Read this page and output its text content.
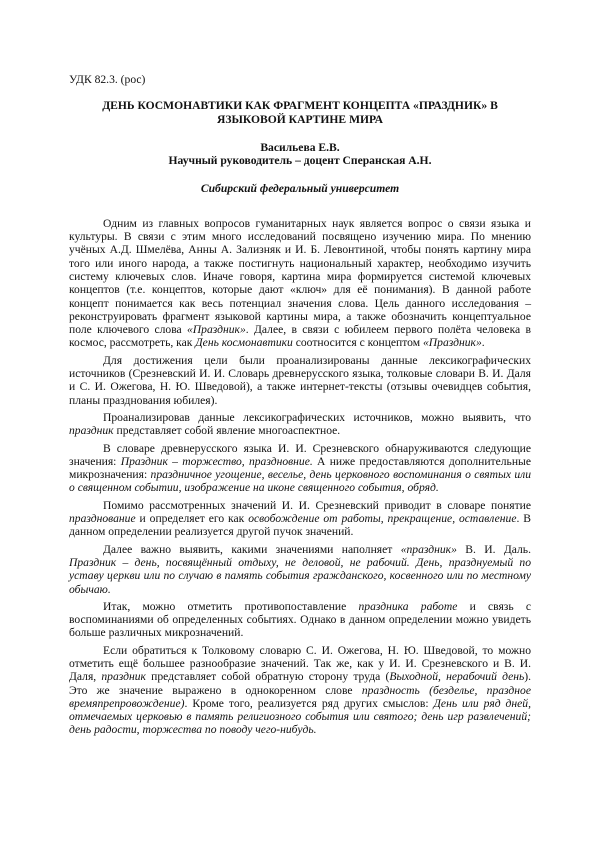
УДК 82.3. (рос)

ДЕНЬ КОСМОНАВТИКИ КАК ФРАГМЕНТ КОНЦЕПТА «ПРАЗДНИК» В ЯЗЫКОВОЙ КАРТИНЕ МИРА

Васильева Е.В.

Научный руководитель – доцент Сперанская А.Н.

Сибирский федеральный университет

Одним из главных вопросов гуманитарных наук является вопрос о связи языка и культуры. В связи с этим много исследований посвящено изучению мира. По мнению учёных А.Д. Шмелёва, Анны А. Зализняк и И. Б. Левонтиной, чтобы понять картину мира того или иного народа, а также постигнуть национальный характер, необходимо изучить систему ключевых слов. Иначе говоря, картина мира формируется системой ключевых концептов (т.е. концептов, которые дают «ключ» для её понимания). В данной работе концепт понимается как весь потенциал значения слова. Цель данного исследования – реконструировать фрагмент языковой картины мира, а также обозначить концептуальное поле ключевого слова «Праздник». Далее, в связи с юбилеем первого полёта человека в космос, рассмотреть, как День космонавтики соотносится с концептом «Праздник».

Для достижения цели были проанализированы данные лексикографических источников (Срезневский И. И. Словарь древнерусского языка, толковые словари В. И. Даля и С. И. Ожегова, Н. Ю. Шведовой), а также интернет-тексты (отзывы очевидцев события, планы празднования юбилея).

Проанализировав данные лексикографических источников, можно выявить, что праздник представляет собой явление многоаспектное.

В словаре древнерусского языка И. И. Срезневского обнаруживаются следующие значения: Праздник – торжество, праздновние. А ниже предоставляются дополнительные микрозначения: праздничное угощение, веселье, день церковного воспоминания о святых или о священном событии, изображение на иконе священного события, обряд.

Помимо рассмотренных значений И. И. Срезневский приводит в словаре понятие празднование и определяет его как освобождение от работы, прекращение, оставление. В данном определении реализуется другой пучок значений.

Далее важно выявить, какими значениями наполняет «праздник» В. И. Даль. Праздник – день, посвящённый отдыху, не деловой, не рабочий. День, празднуемый по уставу церкви или по случаю в память события гражданского, косвенного или по местному обычаю.

Итак, можно отметить противопоставление праздника работе и связь с воспоминаниями об определенных событиях. Однако в данном определении можно увидеть больше различных микрозначений.

Если обратиться к Толковому словарю С. И. Ожегова, Н. Ю. Шведовой, то можно отметить ещё большее разнообразие значений. Так же, как у И. И. Срезневского и В. И. Даля, праздник представляет собой обратную сторону труда (Выходной, нерабочий день). Это же значение выражено в однокоренном слове праздность (безделье, праздное времяпрепровождение). Кроме того, реализуется ряд других смыслов: День или ряд дней, отмечаемых церковью в память религиозного события или святого; день игр развлечений; день радости, торжества по поводу чего-нибудь.
